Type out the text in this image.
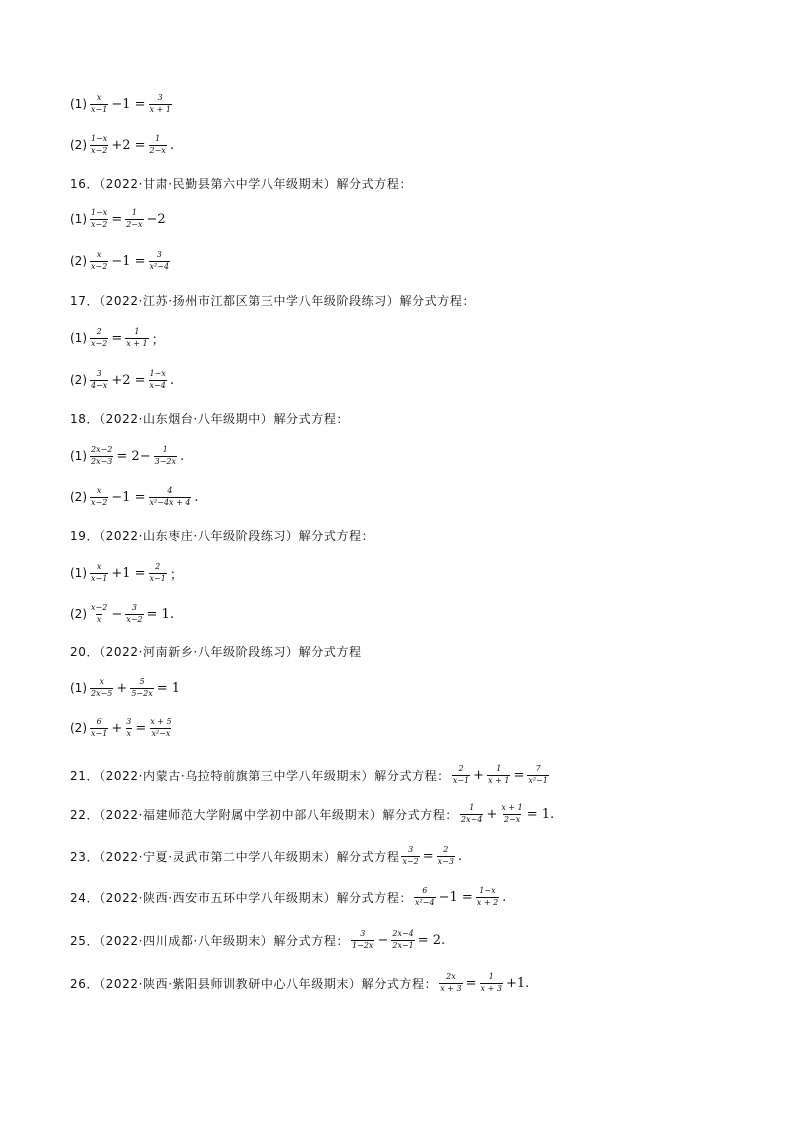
$(1) \frac{x}{x-1} -1 = \frac{3}{x + 1}$
$(2) \frac{1-x}{x-2} +2 = \frac{1}{2-x}$ .
16．（2022·甘肃·民勤县第六中学八年级期末）解分式方程：
$(1) \frac{1-x}{x-2} = \frac{1}{2-x} -2$
$(2) \frac{x}{x-2} -1 = \frac{3}{\text{x²−4}}$
17．（2022·江苏·扬州市江都区第三中学八年级阶段练习）解分式方程：
$(1) \frac{2}{x-2} = \frac{1}{x + 1}$ ；
$(2) \frac{3}{4-x} +2 = \frac{1-x}{x-4}$ .
18．（2022·山东烟台·八年级期中）解分式方程：
$(1) \frac{2x-2}{2x-3} = 2- \frac{1}{3-2x}$ .
$(2) \frac{x}{x-2} -1 = \frac{4}{\text{x²−4x + 4}}$ .
19．（2022·山东枣庄·八年级阶段练习）解分式方程：
$(1) \frac{x}{x-1} +1 = \frac{2}{x-1}$ ；
$(2) \frac{x-2}{x} - \frac{3}{x-2} = 1$.
20．（2022·河南新乡·八年级阶段练习）解分式方程
$(1) \frac{x}{2x-5} + \frac{5}{5-2x} = 1$
$(2) \frac{6}{x-1} + \frac{3}{x} = \frac{x + 5}{\text{x²−x}}$
21．（2022·内蒙古·乌拉特前旗第三中学八年级期末）解分式方程： $\frac{2}{x-1} + \frac{1}{x + 1} = \frac{7}{\text{x²−1}}$
22．（2022·福建师范大学附属中学初中部八年级期末）解分式方程： $\frac{1}{2x-4} + \frac{x + 1}{2-x} = 1$.
23．（2022·宁夏·灵武市第二中学八年级期末）解分式方程 $\frac{3}{x-2} = \frac{2}{x-3}$ .
24．（2022·陕西·西安市五环中学八年级期末）解分式方程： $\frac{6}{\text{x²−4}} -1 = \frac{1-x}{x + 2}$ .
25．（2022·四川成都·八年级期末）解分式方程： $\frac{3}{1-2x} - \frac{2x-4}{2x-1} = 2$.
26．（2022·陕西·紫阳县师训教研中心八年级期末）解分式方程： $\frac{2x}{x + 3} = \frac{1}{x + 3} +1$.
